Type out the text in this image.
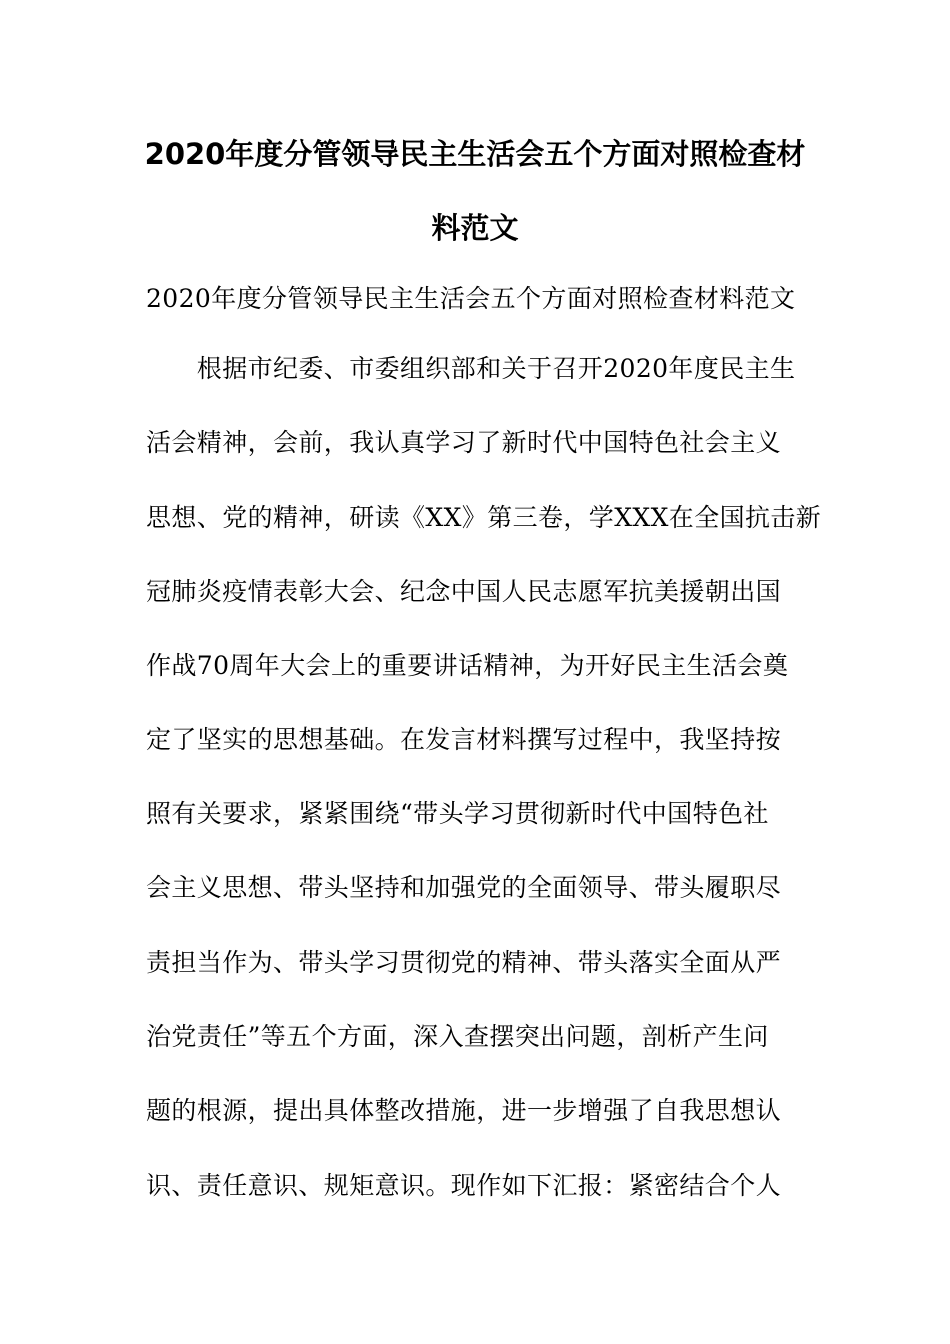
2020年度分管领导民主生活会五个方面对照检查材
料范文
2020年度分管领导民主生活会五个方面对照检查材料范文
　　根据市纪委、市委组织部和关于召开2020年度民主生
活会精神，会前，我认真学习了新时代中国特色社会主义
思想、党的精神，研读《XX》第三卷，学XXX在全国抗击新
冠肺炎疫情表彰大会、纪念中国人民志愿军抗美援朝出国
作战70周年大会上的重要讲话精神，为开好民主生活会奠
定了坚实的思想基础。在发言材料撰写过程中，我坚持按
照有关要求，紧紧围绕“带头学习贯彻新时代中国特色社
会主义思想、带头坚持和加强党的全面领导、带头履职尽
责担当作为、带头学习贯彻党的精神、带头落实全面从严
治党责任”等五个方面，深入查摆突出问题，剖析产生问
题的根源，提出具体整改措施，进一步增强了自我思想认
识、责任意识、规矩意识。现作如下汇报：紧密结合个人
